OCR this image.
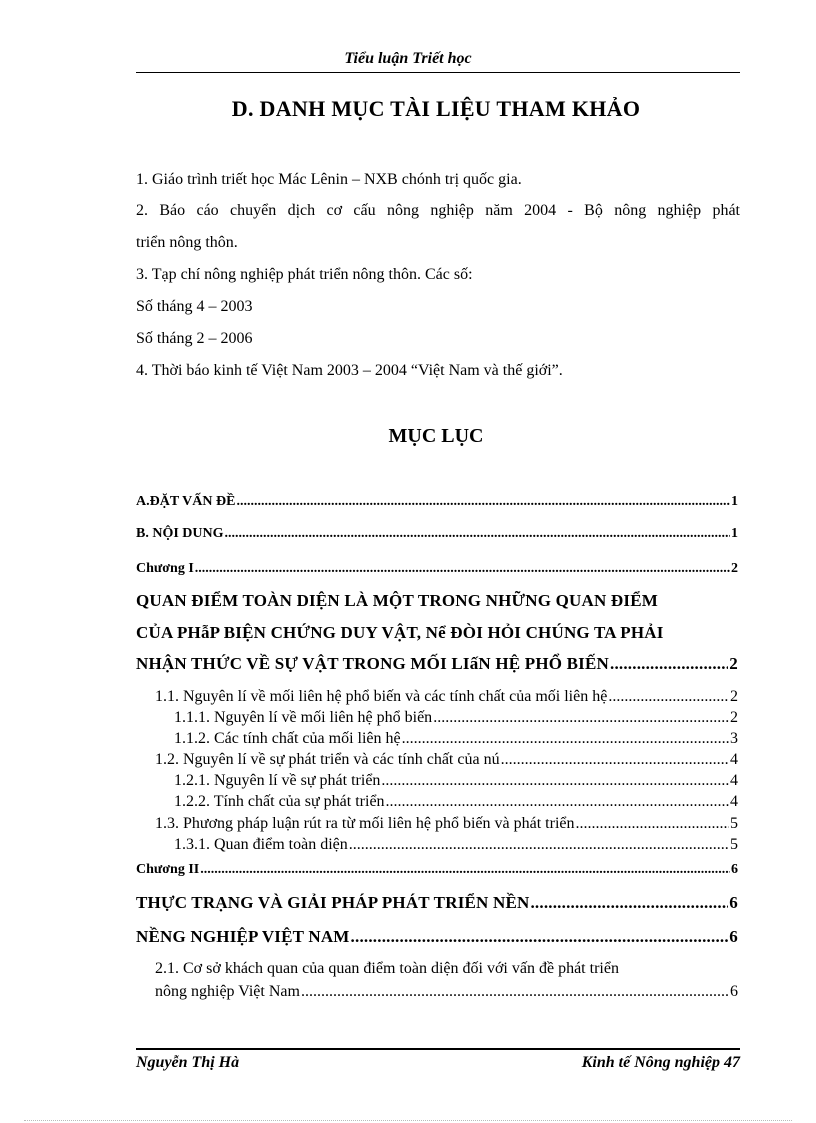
Tiểu luận Triết học
D. DANH MỤC TÀI LIỆU THAM KHẢO
1. Giáo trình triết học Mác Lênin – NXB chónh trị quốc gia.
2. Báo cáo chuyển dịch cơ cấu nông nghiệp năm 2004 - Bộ nông nghiệp phát
triển nông thôn.
3. Tạp chí nông nghiệp phát triển nông thôn. Các số:
Số tháng 4 – 2003
Số tháng 2 – 2006
4. Thời báo kinh tế Việt Nam 2003 – 2004 “Việt Nam và thế giới”.
MỤC LỤC
A.ĐẶT VẤN ĐỀ .....	1
B. NỘI DUNG .....	1
Chương I .....	2
QUAN ĐIỂM TOÀN DIỆN LÀ MỘT TRONG NHỮNG QUAN ĐIỂM
CỦA PHẫP BIỆN CHỨNG DUY VẬT, Nể ĐÒI HỎI CHÚNG TA PHẢI
NHẬN THỨC VỀ SỰ VẬT TRONG MỐI LIấN HỆ PHỔ BIẾN .....	2
1.1. Nguyên lí về mối liên hệ phổ biến và các tính chất của mối liên hệ .....	2
1.1.1. Nguyên lí về mối liên hệ phổ biến .....	2
1.1.2. Các tính chất của mối liên hệ .....	3
1.2. Nguyên lí về sự phát triển và các tính chất của nú .....	4
1.2.1. Nguyên lí về sự phát triển .....	4
1.2.2. Tính chất của sự phát triển .....	4
1.3. Phương pháp luận rút ra từ mối liên hệ phổ biến và phát triển .....	5
1.3.1. Quan điểm toàn diện .....	5
Chương II .....	6
THỰC TRẠNG VÀ GIẢI PHÁP PHÁT TRIỂN NỀN .....	6
NỀNG NGHIỆP VIỆT NAM .....	6
2.1. Cơ sở khách quan của quan điểm toàn diện đối với vấn đề phát triển
nông nghiệp Việt Nam .....	6
Nguyễn Thị Hà	Kinh tế Nông nghiệp 47
